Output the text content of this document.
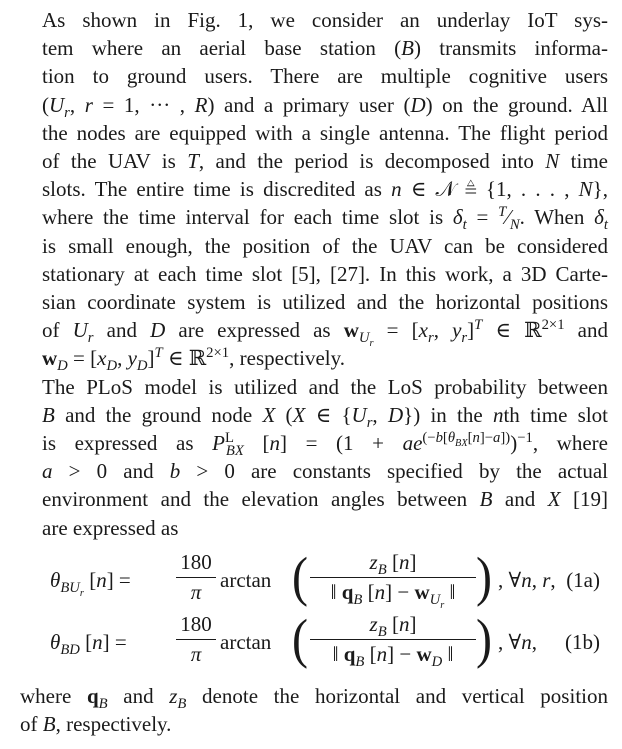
As shown in Fig. 1, we consider an underlay IoT sys-
tem where an aerial base station (B) transmits informa-
tion to ground users. There are multiple cognitive users
($U_r$, r = 1, ··· , R) and a primary user (D) on the ground. All
the nodes are equipped with a single antenna. The flight period
of the UAV is T, and the period is decomposed into N time
slots. The entire time is discredited as n ∈ 𝒩 ≜ {1, . . . , N},
where the time interval for each time slot is $\delta_t$ = $^T⁄_N$. When $\delta_t$
is small enough, the position of the UAV can be considered
stationary at each time slot [5], [27]. In this work, a 3D Carte-
sian coordinate system is utilized and the horizontal positions
of $U_r$ and D are expressed as $w_{U_r} = [x_r$, $y_r]^T$ ∈ ℝ$^{2\times 1}$ and
$w_D = [x_D$, $y_D]^T$ ∈ ℝ$^{2\times 1}$, respectively.

The PLoS model is utilized and the LoS probability between
B and the ground node X (X ∈ {$U_r$, D}) in the nth time slot
is expressed as $P^L_{BX}$ $[n] = (1 + ae^{(-b[\theta_{BX}[n]-a])})^{-1}$, where
a > 0 and b > 0 are constants specified by the actual
environment and the elevation angles between B and X [19]
are expressed as

$\theta_{BU_r}$ $[n] = \frac{180}{\pi}$ arctan (	$z_B$ [n]
‖ $q_B$ $[n] - w_{U_r}$ ‖ ) , ∀n, r, (1a)
$\theta_{BD}$ $[n] = \frac{180}{\pi}$ arctan ( $\frac{z_B [n]}{‖ q_B [n] - w_D ‖}$ ) , ∀n, (1b)

where $q_B$ and $z_B$ denote the horizontal and vertical position
of B, respectively.
